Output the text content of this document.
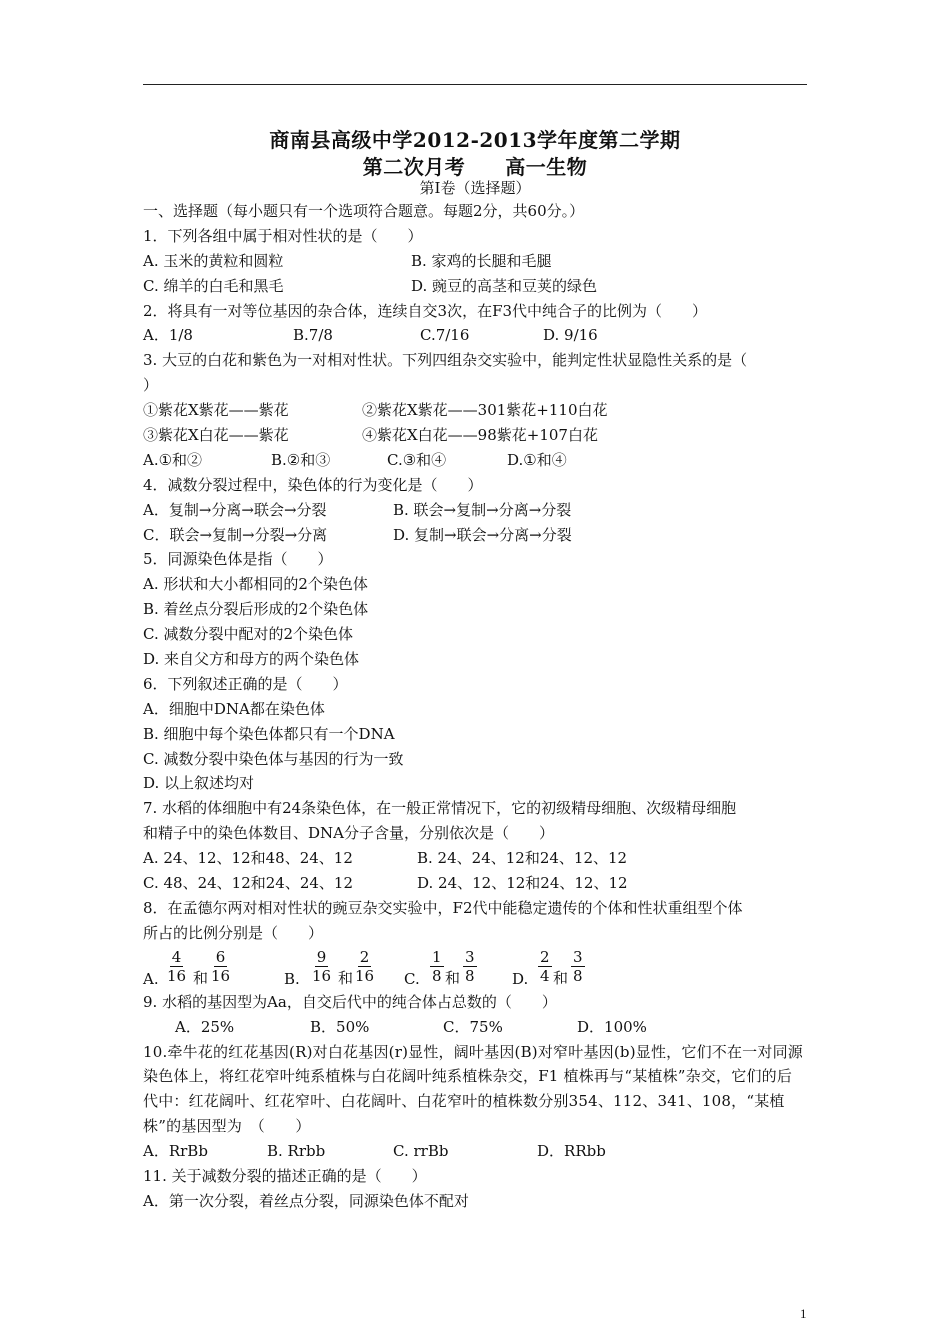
商南县高级中学2012-2013学年度第二学期
第二次月考 高一生物
第Ⅰ卷（选择题）
一、选择题（每小题只有一个选项符合题意。每题2分，共60分。）
1．下列各组中属于相对性状的是（　　）
A. 玉米的黄粒和圆粒	B. 家鸡的长腿和毛腿
C. 绵羊的白毛和黑毛	D. 豌豆的高茎和豆荚的绿色
2．将具有一对等位基因的杂合体，连续自交3次，在F3代中纯合子的比例为（　　）
A．1/8	B.7/8	C.7/16	D. 9/16
3. 大豆的白花和紫色为一对相对性状。下列四组杂交实验中，能判定性状显隐性关系的是（
）
①紫花X紫花——紫花	②紫花X紫花——301紫花+110白花
③紫花X白花——紫花	④紫花X白花——98紫花+107白花
A.①和②	B.②和③	C.③和④	D.①和④
4．减数分裂过程中，染色体的行为变化是（　　）
A．复制→分离→联会→分裂	B. 联会→复制→分离→分裂
C．联会→复制→分裂→分离	D. 复制→联会→分离→分裂
5．同源染色体是指（　　）
A. 形状和大小都相同的2个染色体
B. 着丝点分裂后形成的2个染色体
C. 减数分裂中配对的2个染色体
D. 来自父方和母方的两个染色体
6．下列叙述正确的是（　　）
A．细胞中DNA都在染色体
B. 细胞中每个染色体都只有一个DNA
C. 减数分裂中染色体与基因的行为一致
D. 以上叙述均对
7. 水稻的体细胞中有24条染色体，在一般正常情况下，它的初级精母细胞、次级精母细胞
和精子中的染色体数目、DNA分子含量，分别依次是（　　）
A. 24、12、12和48、24、12	B. 24、24、12和24、12、12
C. 48、24、12和24、24、12	D. 24、12、12和24、12、12
8．在孟德尔两对相对性状的豌豆杂交实验中，F2代中能稳定遗传的个体和性状重组型个体
所占的比例分别是（　　）
A. $\frac{4}{16}$ 和 $\frac{6}{16}$	B. $\frac{9}{16}$ 和 $\frac{2}{16} C$. $\frac{1}{8}$ 和 $\frac{3}{8} D$. $\frac{2}{4}$ 和 $\frac{3}{8}$
9. 水稻的基因型为Aa，自交后代中的纯合体占总数的（　　）
A．25%	B．50%	C．75%	D．100%
10.牵牛花的红花基因(R)对白花基因(r)显性，阔叶基因(B)对窄叶基因(b)显性，它们不在一对同源染色体上，将红花窄叶纯系植株与白花阔叶纯系植株杂交，F1 植株再与“某植株”杂交，它们的后代中：红花阔叶、红花窄叶、白花阔叶、白花窄叶的植株数分别354、112、341、108，“某植株”的基因型为　（　　）
A．RrBb	B. Rrbb	C. rrBb	D．RRbb
11. 关于减数分裂的描述正确的是（　　）
A．第一次分裂，着丝点分裂，同源染色体不配对
1
